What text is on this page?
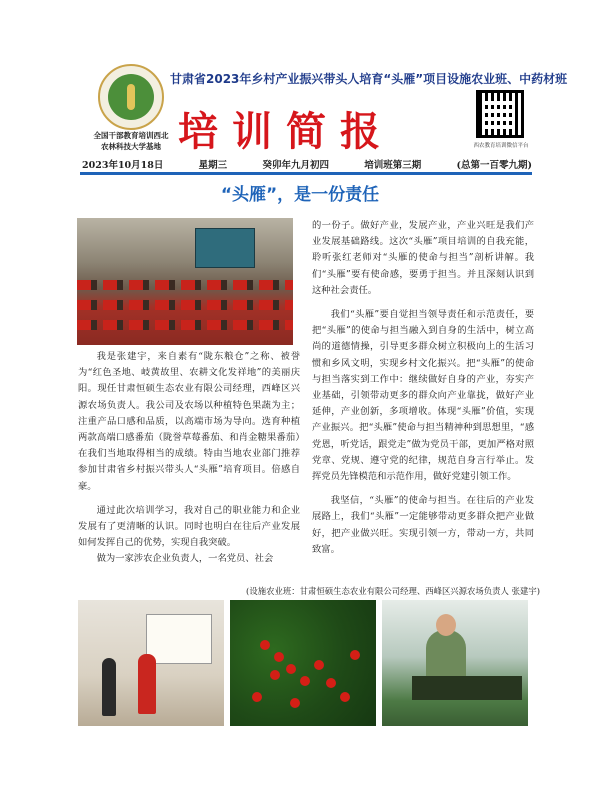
全国干部教育培训西北农林科技大学基地
甘肃省2023年乡村产业振兴带头人培育“头雁”项目设施农业班、中药材班
培训简报	西农教育培训微信平台
2023年10月18日	星期三	癸卯年九月初四	培训班第三期	(总第一百零九期)
“头雁”，是一份责任

我是张建宇，来自素有“陇东粮仓”之称、被誉为“红色圣地、岐黄故里、农耕文化发祥地”的美丽庆阳。现任甘肃恒硕生态农业有限公司经理，西峰区兴源农场负责人。我公司及农场以种植特色果蔬为主；注重产品口感和品质，以高端市场为导向。选育种植两款高端口感番茄（陇誉草莓番茄、和肖金糖果番茄）在我们当地取得相当的成绩。特由当地农业部门推荐参加甘肃省乡村振兴带头人“头雁”培育项目。倍感自豪。

通过此次培训学习，我对自己的职业能力和企业发展有了更清晰的认识。同时也明白在往后产业发展如何发挥自己的优势，实现自我突破。

做为一家涉农企业负责人，一名党员、社会

的一份子。做好产业，发展产业，产业兴旺是我们产业发展基础路线。这次“头雁”项目培训的自我充能，聆听张红老师对“头雁的使命与担当”剖析讲解。我们“头雁”要有使命感，要勇于担当。并且深刻认识到这种社会责任。

我们“头雁”要自觉担当领导责任和示范责任，要把“头雁”的使命与担当融入到自身的生活中，树立高尚的道德情操，引导更多群众树立积极向上的生活习惯和乡风文明，实现乡村文化振兴。把“头雁”的使命与担当落实到工作中：继续做好自身的产业，夯实产业基础，引领带动更多的群众向产业靠拢，做好产业延伸，产业创新，多项增收。体现“头雁”价值，实现产业振兴。把“头雁”使命与担当精神种到思想里，“感党恩，听党话，跟党走”做为党员干部，更加严格对照党章、党规、遵守党的纪律，规范自身言行举止。发挥党员先锋模范和示范作用，做好党建引领工作。

我坚信，“头雁”的使命与担当。在往后的产业发展路上，我们“头雁”一定能够带动更多群众把产业做好，把产业做兴旺。实现引领一方，带动一方，共同致富。

(设施农业班：甘肃恒硕生态农业有限公司经理、西峰区兴源农场负责人 张建宇)
